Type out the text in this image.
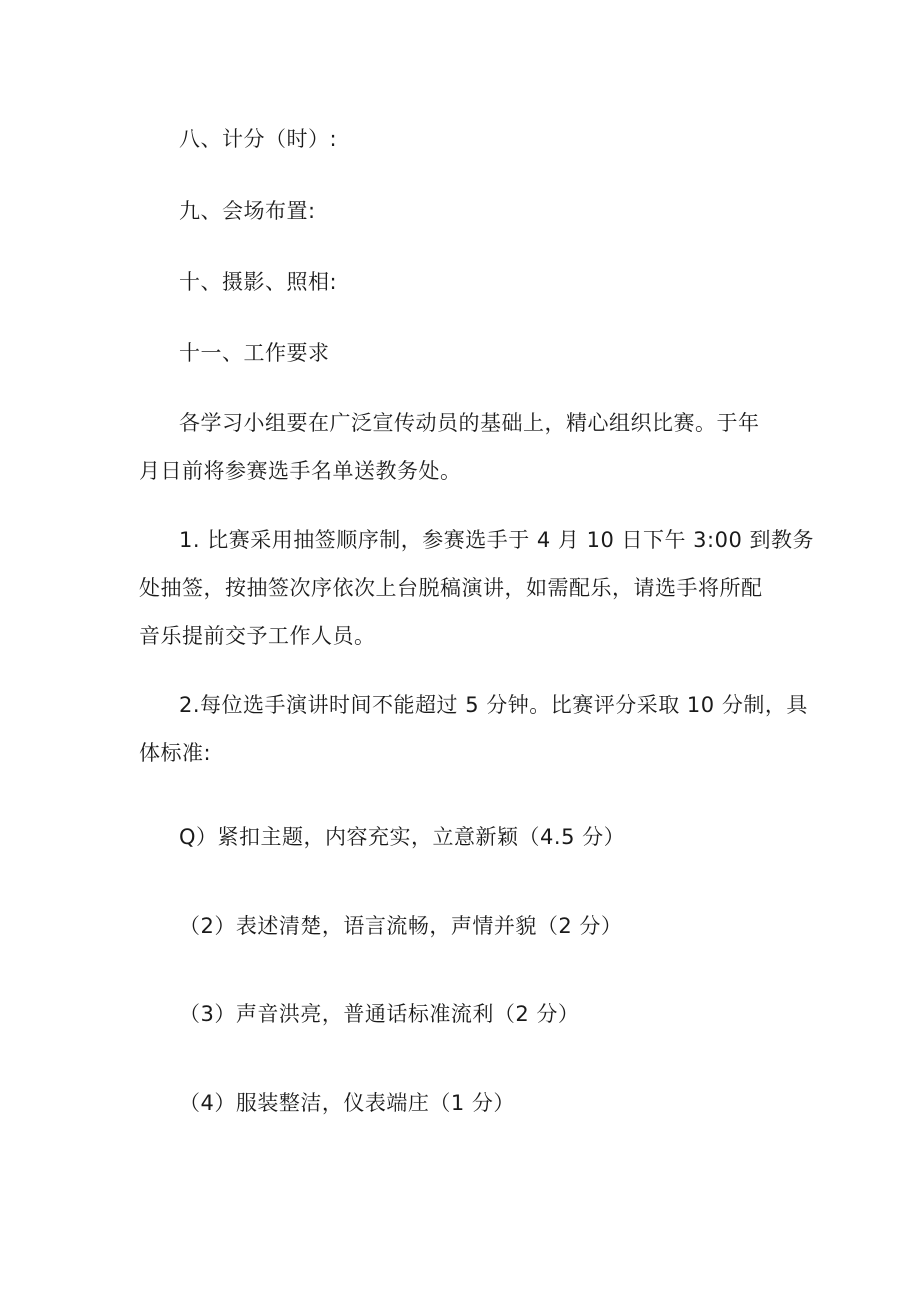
八、计分（时）:
九、会场布置:
十、摄影、照相:
十一、工作要求
各学习小组要在广泛宣传动员的基础上，精心组织比赛。于年
月日前将参赛选手名单送教务处。
1. 比赛采用抽签顺序制，参赛选手于 4 月 10 日下午 3:00 到教务
处抽签，按抽签次序依次上台脱稿演讲，如需配乐，请选手将所配
音乐提前交予工作人员。
2.每位选手演讲时间不能超过 5 分钟。比赛评分采取 10 分制，具
体标准:
Q）紧扣主题，内容充实，立意新颖（4.5 分）
（2）表述清楚，语言流畅，声情并貌（2 分）
（3）声音洪亮，普通话标准流利（2 分）
（4）服装整洁，仪表端庄（1 分）
